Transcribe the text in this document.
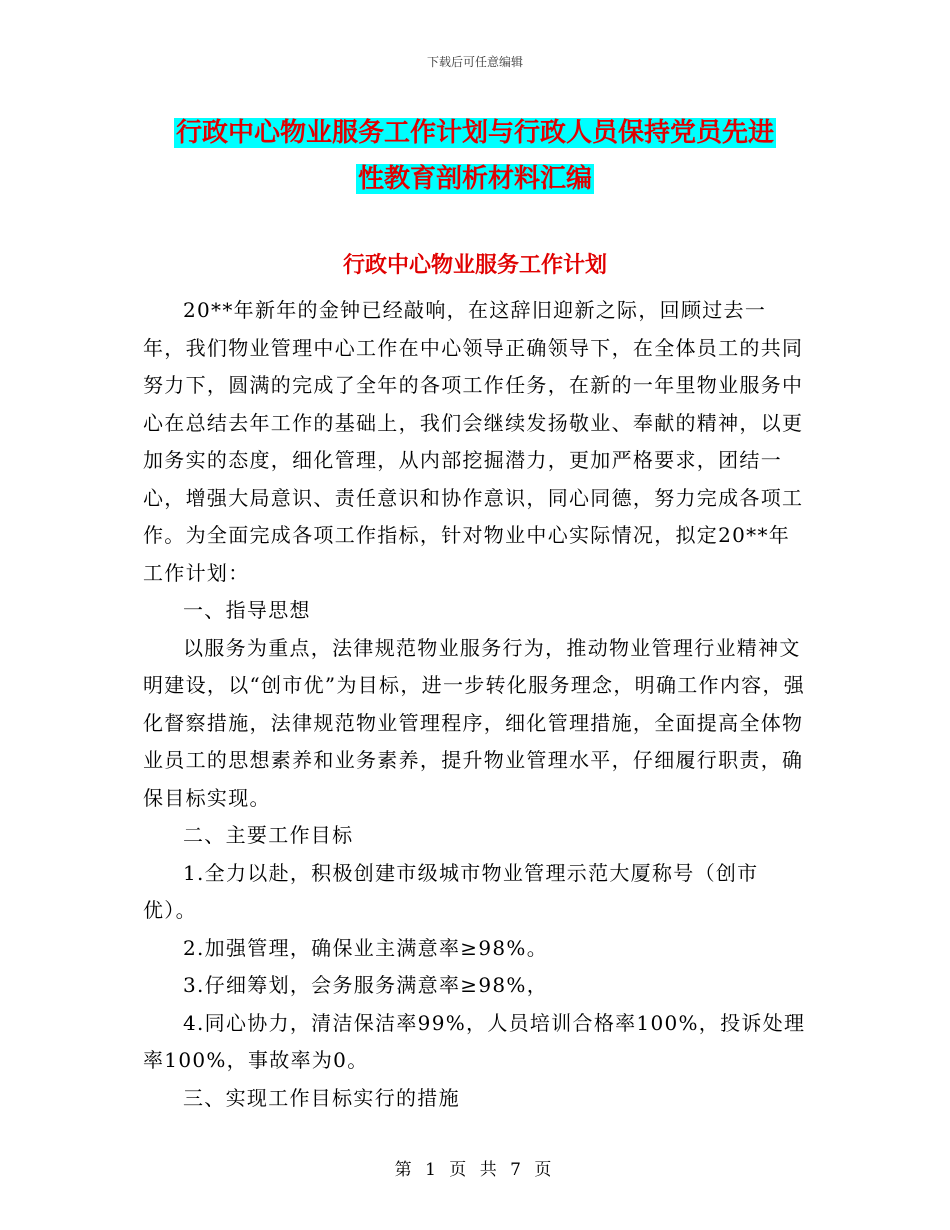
下载后可任意编辑
行政中心物业服务工作计划与行政人员保持党员先进
性教育剖析材料汇编
行政中心物业服务工作计划

20**年新年的金钟已经敲响，在这辞旧迎新之际，回顾过去一年，我们物业管理中心工作在中心领导正确领导下，在全体员工的共同努力下，圆满的完成了全年的各项工作任务，在新的一年里物业服务中心在总结去年工作的基础上，我们会继续发扬敬业、奉献的精神，以更加务实的态度，细化管理，从内部挖掘潜力，更加严格要求，团结一心，增强大局意识、责任意识和协作意识，同心同德，努力完成各项工作。为全面完成各项工作指标，针对物业中心实际情况，拟定20**年工作计划：

一、指导思想

以服务为重点，法律规范物业服务行为，推动物业管理行业精神文明建设，以“创市优”为目标，进一步转化服务理念，明确工作内容，强化督察措施，法律规范物业管理程序，细化管理措施，全面提高全体物业员工的思想素养和业务素养，提升物业管理水平，仔细履行职责，确保目标实现。

二、主要工作目标

1.全力以赴，积极创建市级城市物业管理示范大厦称号（创市优）。

2.加强管理，确保业主满意率≥98%。

3.仔细筹划，会务服务满意率≥98%，

4.同心协力，清洁保洁率99%，人员培训合格率100%，投诉处理率100%，事故率为0。

三、实现工作目标实行的措施

第 1 页 共 7 页
